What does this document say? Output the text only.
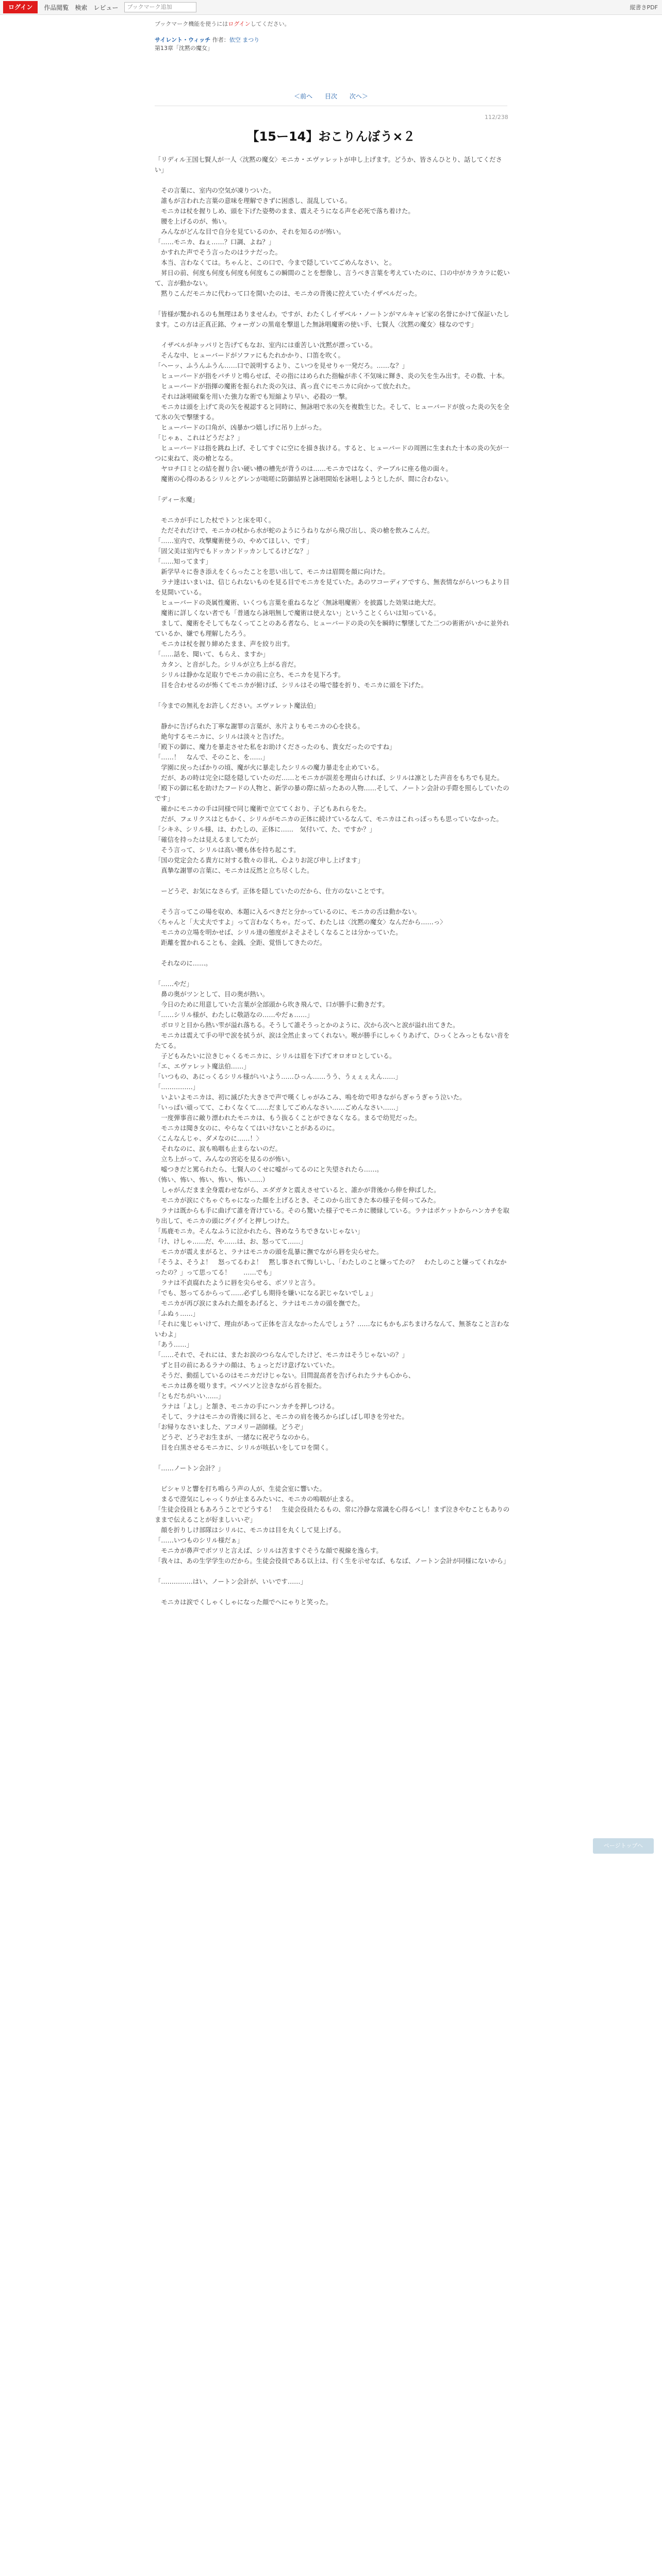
ログイン	作品閲覧 検索 レビュー	ブックマーク追加	縦書きPDF
ブックマーク機能を使うにはログインしてください。
サイレント・ウィッチ 作者：依空 まつり
第13章「沈黙の魔女」
＜前へ 目次 次へ＞
112/238
【15ー14】おこりんぼう×２
「リディル王国七賢人が一人〈沈黙の魔女〉モニカ・エヴァレットが申し上げます。どうか、皆さんひとり、話してください」

　その言葉に、室内の空気が凍りついた。
　誰もが言われた言葉の意味を理解できずに困惑し、混乱している。
　モニカは杖を握りしめ、頭を下げた姿勢のまま、震えそうになる声を必死で落ち着けた。
　腰を上げるのが、怖い。
　みんながどんな目で自分を見ているのか、それを知るのが怖い。
「……モニカ、ねぇ……？口調、よね？」
　かすれた声でそう言ったのはラナだった。
　本当、言わなくては。ちゃんと、この口で、今まで隠していてごめんなさい、と。
　昇日の前、何度も何度も何度も何度もこの瞬間のことを想像し、言うべき言葉を考えていたのに、口の中がカラカラに乾いて、言が動かない。
　黙りこんだモニカに代わって口を開いたのは、モニカの背後に控えていたイザベルだった。

「皆様が驚かれるのも無理はありませんわ。ですが、わたくしイザベル・ノートンがマルキャビ家の名誉にかけて保証いたします。この方は正真正銘、ウォーガンの黒竜を撃退した無詠唱魔術の使い手、七賢人〈沈黙の魔女〉様なのです」

　イザベルがキッパリと告げてもなお、室内には重苦しい沈黙が漂っている。
　そんな中、ヒューバードがソファにもたれかかり、口笛を吹く。
「ヘーッ、ふうんふうん……口で説明するより、こいつを見せりゃ一発だろ。……な？」
　ヒューバードが指をパチリと鳴らせば、その指にはめられた指輪が赤く不気味に輝き、炎の矢を生み出す。その数、十本。
　ヒューバードが指揮の魔術を振られた炎の矢は、真っ直ぐにモニカに向かって放たれた。
　それは詠唱破棄を用いた強力な術でも短縮より早い、必殺の一撃。
　モニカは頭を上げて炎の矢を視認すると同時に、無詠唱で氷の矢を複数生じた。そして、ヒューバードが放った炎の矢を全て氷の矢で撃墜する。
　ヒューバードの口角が、凶暴かつ嬉しげに吊り上がった。
「じゃぁ、これはどうだよ？」
　ヒューバードは指を跳ね上げ、そしてすぐに空にを描き抜ける。すると、ヒューバードの周囲に生まれた十本の炎の矢が一つに束ねて、炎の槍となる。
　ヤロチ口ミとの結を握り合い硬い槽の槽先が背うのは……モニカではなく、テーブルに座る他の面々。
　魔術の心得のあるシリルとグレンが咄嗟に防御結界と詠唱開始を詠唱しようとしたが、間に合わない。

「ディー氷魔」

　モニカが手にした杖でトンと床を叩く。
　ただそれだけで、モニカの杖から水が蛇のようにうねりながら飛び出し、炎の槍を飲みこんだ。
「……室内で、攻撃魔術使うの、やめてほしい、です」
「固父美は室内でもドッカンドッカンしてるけどな？」
「……知ってます」
　新学早々に巻き添えをくらったことを思い出して、モニカは眉間を顔に向けた。
　ラナ達はいまいは、信じられないものを見る目でモニカを見ていた。あのワコーディアですら、無表情ながらいつもより目を見開いている。
　ヒューバードの炎属性魔術、いくつも言葉を重ねるなど〈無詠唱魔術〉を披露した効果は絶大だ。
　魔術に詳しくない者でも「普通なら詠唱無しで魔術は使えない」ということくらいは知っている。
　まして、魔術をそしてもなくってことのある者なら、ヒューバードの炎の矢を瞬時に撃墜してた二つの術術がいかに並外れているか、嫌でも理解したろう。
　モニカは杖を握り締めたまま、声を絞り出す。
「……話を、聞いて、もらえ、ますか」
　カタン、と音がした。シリルが立ち上がる音だ。
　シリルは静かな足取りでモニカの前に立ち、モニカを見下ろす。
　目を合わせるのが怖くてモニカが俯けば、シリルはその場で膝を折り、モニカに頭を下げた。

「今までの無礼をお許しください。エヴァレット魔法伯」

　静かに告げられた丁寧な謝罪の言葉が、氷片よりもモニカの心を抉る。
　絶句するモニカに、シリルは淡々と告げた。
「殿下の御に、魔力を暴走させた私をお助けくださったのも、貴女だったのですね」
「……！　なんで、そのこと、を……」
　学園に戻ったばかりの頃、魔が火に暴走したシリルの魔力暴走を止めている。
　だが、あの時は完全に隠を隠していたのだ……とモニカが誤差を理由らければ、シリルは凛とした声音をもちでも見た。
「殿下の御に私を助けたフードの人物と、新学の暴の際に結ったあの人物……そして、ノートン会計の手際を照らしていたのです」
　確かにモニカの手は同様で同じ魔術で立ててくおり、子どもあれらをた。
　だが、フェリクスはともかく、シリルがモニカの正体に続けているなんて、モニカはこれっぽっちも思っていなかった。
「シキネ、シリル様、は、わたしの、正体に……　気付いて、た、ですか？」
「確信を持ったは見えるましてたが」
　そう言って、シリルは高い腰も体を持ち起こす。
「国の党定会たる貴方に対する数々の非礼、心よりお詫び申し上げます」
　真摯な謝罪の言葉に、モニカは反然と立ち尽くした。

　ーどうぞ、お気になさらず。正体を隠していたのだから、仕方のないことです。

　そう言ってこの場を収め、本題に入るべきだと分かっているのに、モニカの舌は動かない。
〈ちゃんと「大丈夫ですよ」って言わなくちゃ。だって、わたしは〈沈黙の魔女〉なんだから……っ〉
　モニカの立場を明かせば、シリル達の態度がよそよそしくなることは分かっていた。
　距離を置かれることも、金銭、全距、覚悟してきたのだ。

　それなのに……。

「……やだ」
　鼻の奥がツンとして、目の奥が熱い。
　今日のために用意していた言葉が全部頭から吹き飛んで、口が勝手に動きだす。
「……シリル様が、わたしに敬語なの……やだぁ……」
　ボロリと目から熱い雫が溢れ落ちる。そうして誰そうっとかのように、次から次へと涙が溢れ出てきた。
　モニカは震えて手の甲で涙を拭うが、涙は全然止まってくれない。喉が勝手にしゃくりあげて、ひっくとみっともない音をたてる。
　子どもみたいに泣きじゃくるモニカに、シリルは眉を下げてオロオロとしている。
「エ、エヴァレット魔法伯……」
「いつもの、あにっくるシリル様がいいよう……ひっん……うう、うぇぇぇえん……」
「……………」
　いよいよモニカは、初に滅びた大きさで声で嘆くしゃがみこみ、嗚を幼で叩きながらぎゃうぎゃう泣いた。
「いっぱい頑ってて、こわくなくて……だましてごめんなさい……ごめんなさい……」
　一度弾事音に敵り漂われたモニカは、もう抜るくことができなくなる。まるで幼児だった。
　モニカは聞き女のに、やらなくてはいけないことがあるのに。
〈こんなんじゃ、ダメなのに……！〉
　それなのに、涙も嗚咽も止まらないのだ。
　立ち上がって、みんなの宮応を見るのが怖い。
　嘘つきだと罵られたら、七賢人のくせに嘘がってるのにと失望されたら……。
（怖い、怖い、怖い、怖い、怖い……）
　しゃがんだまま全身震わせながら、エダガタと震えさせていると、誰かが背後から伸を伸ばした。
　モニカが涙にぐちゃぐちゃになった顔を上げるとき、そこのから出てきた本の様子を伺ってみた。
　ラナは既からも手に曲げて誰を背けている。そのら驚いた様子でモニカに腰縁している。ラナはポケットからハンカチを取り出して、モニカの頭にグイグイと押しつけた。
「馬鹿モニカ。そんなふうに泣かれたら、咎めなうちできないじゃない」
「け、けしゃ……だ、や……は、お、怒ってて……」
　モニカが震えまがると、ラナはモニカの頭を乱暴に撫でながら唇を尖らせた。
「そうよ、そうよ！　怒ってるわよ！　黙し事されて悔しいし、「わたしのこと嫌ってたの？　わたしのこと嫌ってくれなかったの？」って思ってる！　　……でも」
　ラナは不貞腐れたように唇を尖らせる、ボソリと言う。
「でも、怒ってるからって……必ずしも期待を嫌いになる訳じゃないでしょ」
　モニカが再び涙にまみれた顔をあげると、ラナはモニカの頭を撫でた。
「ふぬぅ……」
「それに鬼じゃいけて、理由があって正体を言えなかったんでしょう？……なにもかもぶちまけろなんて、無茶なこと言わないわよ」
「あう……」
「……それで、それには、またお涙のつらなんでしたけど、モニカはそうじゃないの？」
　ずと目の前にあるラナの顔は、ちょっとだけ意げないていた。
　そうだ、動揺しているのはモニカだけじゃない。目問混高者を告げられたラナも心から、
　モニカは鼻を啜ります。ペソペソと泣きながら首を振た。
「ともだちがいい……」
　ラナは「よし」と頷き、モニカの手にハンカチを押しつける。
　そして、ラナはモニカの背後に回ると、モニカの肩を後ろからばしばし叩きを労せた。
「お帰りなさいました、アコメリー語師様。どうぞ」
　どうぞ、どうぞお生まが、一緒なに祝ぞうなのから。
　目を白黒させるモニカに、シリルが咳払いをしてロを開く。

「……ノートン会計？」

　ピシャリと響を打ち鳴らう声の人が、生徒会室に響いた。
　まるで澄気にしゃっくりが止まるみたいに、モニカの嗚咽が止まる。
「生徒会役員ともあろうことでどうする！　生徒会役員たるもの、常に冷静な常識を心得るべし！まず泣きやむこともありのままで伝えることが好ましいいぞ」
　顔を折りしけ部隊はシリルに、モニカは目を丸くして見上げる。
「……いつものシリル様だぁ」
　モニカが鼻声でポツリと言えば、シリルは苦ますぐそうな顔で視線を逸らす。
「我々は、あの生学学生のだから。生徒会役員である以上は、行く生を示せなば、もなば、ノートン会計が同様にないから」

「……………はい、ノートン会計が、いいです……」

　モニカは涙でくしゃくしゃになった顔でヘにゃりと笑った。
ページトップへ
